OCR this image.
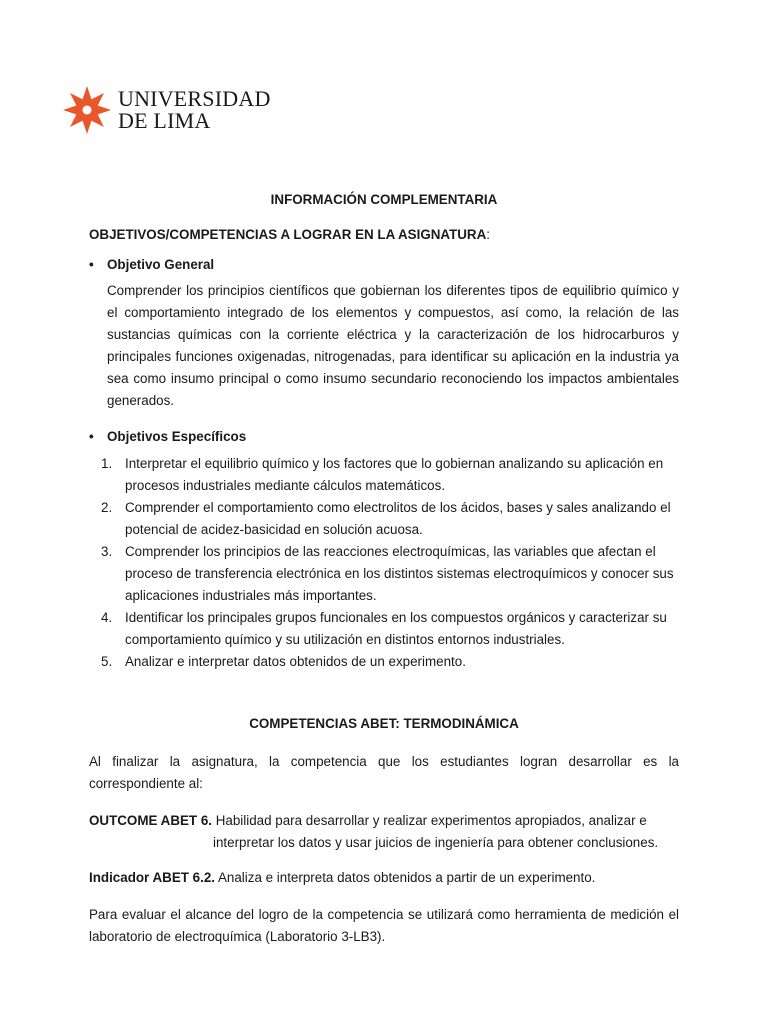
UNIVERSIDAD
DE LIMA
INFORMACIÓN COMPLEMENTARIA
OBJETIVOS/COMPETENCIAS A LOGRAR EN LA ASIGNATURA:
• Objetivo General
Comprender los principios científicos que gobiernan los diferentes tipos de equilibrio químico y el comportamiento integrado de los elementos y compuestos, así como, la relación de las sustancias químicas con la corriente eléctrica y la caracterización de los hidrocarburos y principales funciones oxigenadas, nitrogenadas, para identificar su aplicación en la industria ya sea como insumo principal o como insumo secundario reconociendo los impactos ambientales generados.
• Objetivos Específicos
1. Interpretar el equilibrio químico y los factores que lo gobiernan analizando su aplicación en procesos industriales mediante cálculos matemáticos.
2. Comprender el comportamiento como electrolitos de los ácidos, bases y sales analizando el potencial de acidez-basicidad en solución acuosa.
3. Comprender los principios de las reacciones electroquímicas, las variables que afectan el proceso de transferencia electrónica en los distintos sistemas electroquímicos y conocer sus aplicaciones industriales más importantes.
4. Identificar los principales grupos funcionales en los compuestos orgánicos y caracterizar su comportamiento químico y su utilización en distintos entornos industriales.
5. Analizar e interpretar datos obtenidos de un experimento.
COMPETENCIAS ABET: TERMODINÁMICA
Al finalizar la asignatura, la competencia que los estudiantes logran desarrollar es la correspondiente al:
OUTCOME ABET 6. Habilidad para desarrollar y realizar experimentos apropiados, analizar e
interpretar los datos y usar juicios de ingeniería para obtener conclusiones.
Indicador ABET 6.2. Analiza e interpreta datos obtenidos a partir de un experimento.
Para evaluar el alcance del logro de la competencia se utilizará como herramienta de medición el laboratorio de electroquímica (Laboratorio 3-LB3).
